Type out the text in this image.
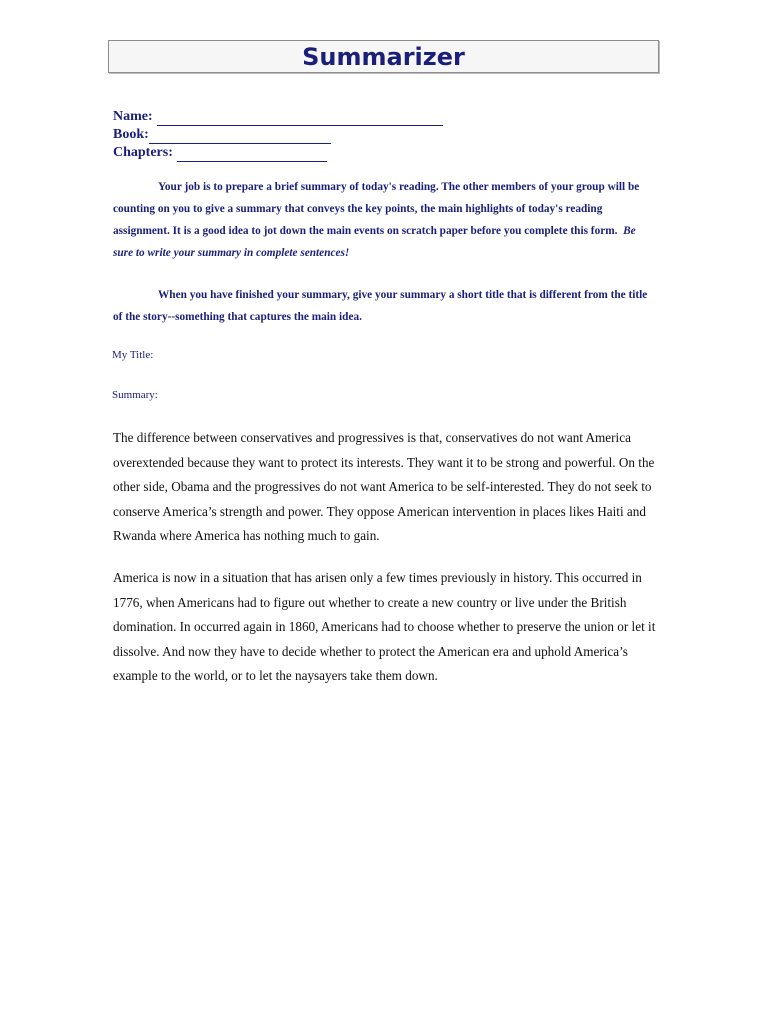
Summarizer
Name:
Book:
Chapters:

Your job is to prepare a brief summary of today's reading. The other members of your group will be counting on you to give a summary that conveys the key points, the main highlights of today's reading assignment. It is a good idea to jot down the main events on scratch paper before you complete this form. Be sure to write your summary in complete sentences!

When you have finished your summary, give your summary a short title that is different from the title of the story--something that captures the main idea.

My Title:
Summary:

The difference between conservatives and progressives is that, conservatives do not want America overextended because they want to protect its interests. They want it to be strong and powerful. On the other side, Obama and the progressives do not want America to be self-interested. They do not seek to conserve America’s strength and power. They oppose American intervention in places likes Haiti and Rwanda where America has nothing much to gain.

America is now in a situation that has arisen only a few times previously in history. This occurred in 1776, when Americans had to figure out whether to create a new country or live under the British domination. In occurred again in 1860, Americans had to choose whether to preserve the union or let it dissolve. And now they have to decide whether to protect the American era and uphold America’s example to the world, or to let the naysayers take them down.
